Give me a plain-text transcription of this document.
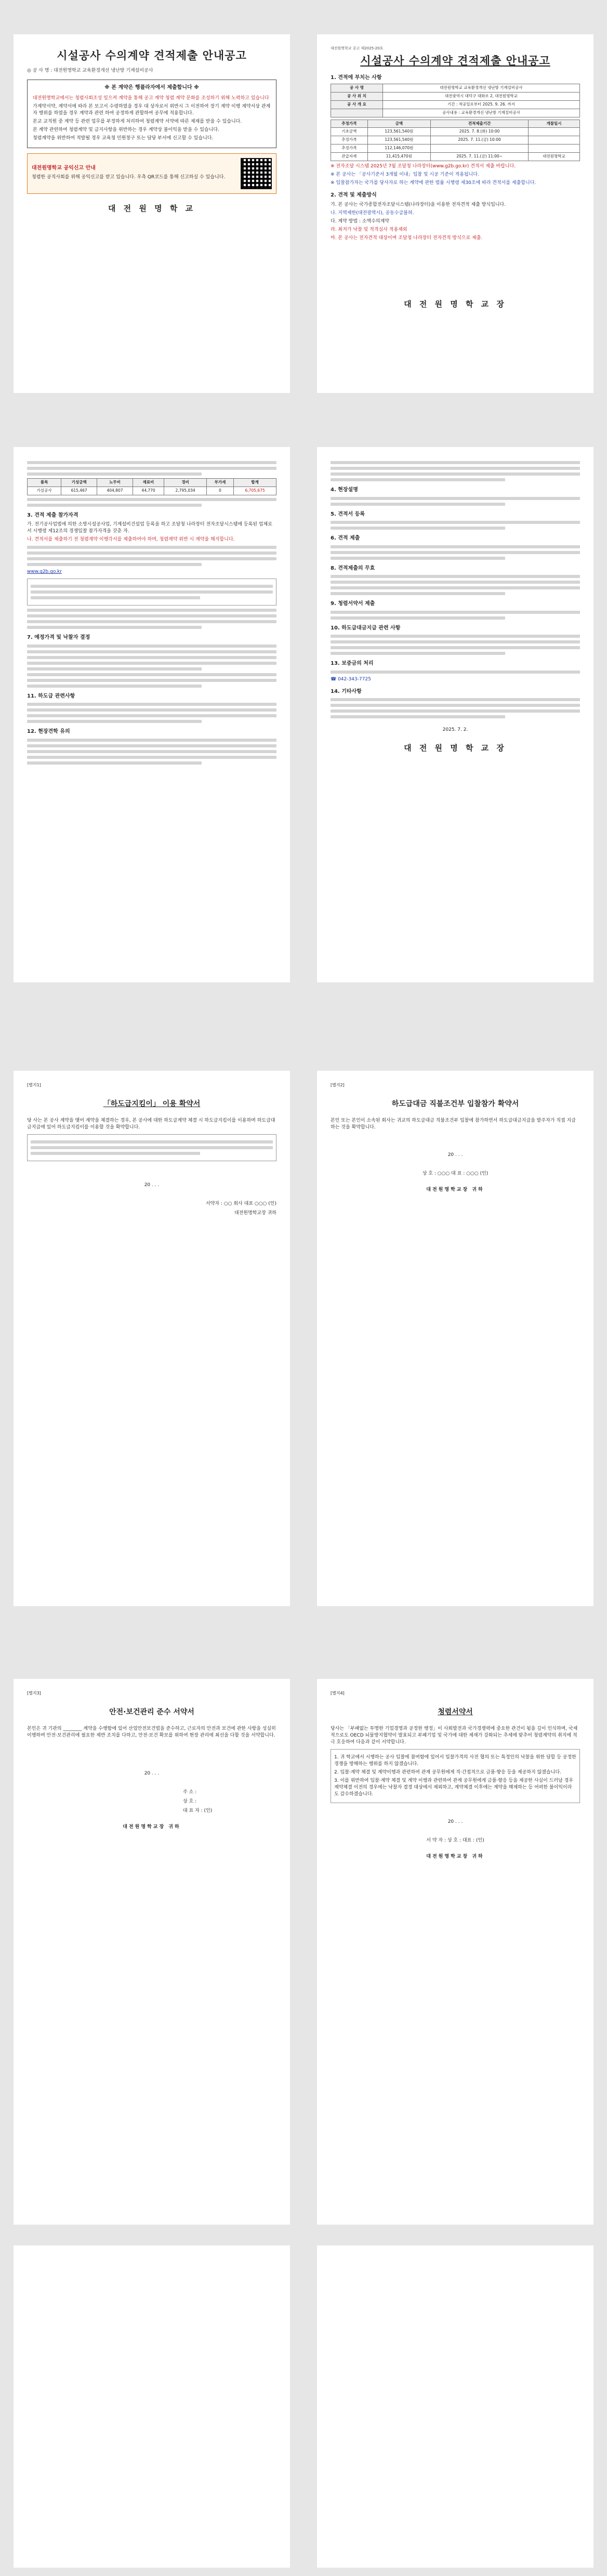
시설공사 수의계약 견적제출 안내공고
◎ 공 사 명 : 대전원명학교 교육환경개선 냉난방 기계설비공사
※ 본 계약은 행플라자에서 제출합니다 ※

대전원명학교에서는 청렴사회조성 일으켜 계약을 통해 공고 계약 청렴 계약 문화를 조성하기 위해 노력하고 있습니다

가계약서약, 계약서에 따라 본 보고서 수령하였을 경우 대 상자로서 위반시 그 이전하여 장기 계약 이행 계약서상 관계자 행위를 하였을 경우 계약과 관련 하여 공정하게 관할하여 공무에 적용합니다.

본교 교직원 중 계약 등 관련 업무를 부정하게 처리하여 청렴계약 서약에 따른 제재를 받을 수 있습니다.

본 계약 관련하여 청렴계약 및 금지사항을 위반하는 경우 계약상 불이익을 받을 수 있습니다.

청렴계약을 위반하여 적발될 경우 교육청 민원창구 또는 담당 부서에 신고할 수 있습니다.

대전원명학교 공익신고 안내

청렴한 공직사회를 위해 공익신고를 받고 있습니다. 우측 QR코드를 통해 신고하실 수 있습니다.

대 전 원 명 학 교
대전원명학교 공고 제2025-20호
시설공사 수의계약 견적제출 안내공고
1. 견적에 부치는 사항
공 사 명	대전원명학교 교육환경개선 냉난방 기계설비공사
공 사 위 치	대전광역시 대덕구 대화로 2, 대전원명학교
공 사 개 요	기간 : 착공일로부터 2025. 9. 26. 까지
	공사내용 : 교육환경개선 냉난방 기계설비공사
추정가격	금액	견적제출기간	개찰일시
기초금액	123,561,540원	2025. 7. 8.(화) 10:00	
추정가격	123,561,540원	2025. 7. 11.(금) 10:00	
추정가격	112,146,070원		
관급자재	11,415,470원	2025. 7. 11.(금) 11:00~	대전원명학교

※ 전자조달 시스템 2025년 7월 조달청 나라장터(www.g2b.go.kr) 견적서 제출 바랍니다.

※ 본 공사는 「공사기준서 3개월 이내」입찰 및 시공 기준이 적용됩니다.

※ 입찰참가자는 국가를 당사자로 하는 계약에 관한 법률 시행령 제30조에 따라 견적서를 제출합니다.

2. 견적 및 제출방식

가. 본 공사는 국가종합전자조달시스템(나라장터)을 이용한 전자견적 제출 방식입니다.

나. 지역제한(대전광역시), 공동수급불허.

다. 계약 방법 : 소액수의계약

라. 최저가 낙찰 및 적격심사 적용제외

마. 본 공사는 전자견적 대상이며 조달청 나라장터 전자견적 방식으로 제출.

대 전 원 명 학 교 장
품목	기성금액	노무비	재료비	경비	부가세	합계
가설공사	615,467	404,807	44,770	2,795,034	0	6,705,675
3. 견적 제출 참가자격

가. 전기공사업법에 의한 소방시설공사업, 기계설비건설업 등록을 하고 조달청 나라장터 전자조달시스템에 등록된 업체로서 시행령 제12조의 경쟁입찰 참가자격을 갖춘 자.

나. 견적서를 제출하기 전 청렴계약 이행각서를 제출하여야 하며, 청렴계약 위반 시 계약을 해지합니다.

www.g2b.go.kr

7. 예정가격 및 낙찰자 결정
11. 하도급 관련사항
12. 현장견학 유의
4. 현장설명
5. 견적서 등록
6. 견적 제출
8. 견적제출의 무효
9. 청렴서약서 제출
10. 하도급대금지급 관련 사항
13. 보증금의 처리

☎ 042-343-7725

14. 기타사항

2025. 7. 2.

대 전 원 명 학 교 장
[별지1]
「하도급지킴이」 이용 확약서

당 사는 본 공사 계약을 맺어 계약을 체결하는 경우, 본 공사에 대한 하도급계약 체결 시 하도급지킴이를 이용하며 하도급대금지급에 있어 하도급지킴이를 이용할 것을 확약합니다.

20 . . .

서약자 : ○○ 회사 대표 ○○○ (인)

대전원명학교장 귀하

[별지2]
하도급대금 직불조건부 입찰참가 확약서

본인 또는 본인이 소속된 회사는 귀교의 하도급대금 직불조건부 입찰에 참가하면서 하도급대금지급을 발주자가 직접 지급하는 것을 확약합니다.

20 . . .

상 호 : ○○○ 대 표 : ○○○ (인)

대전원명학교장 귀하

[별지3]
안전·보건관리 준수 서약서

본인은 귀 기관의 ________ 계약을 수행함에 있어 산업안전보건법을 준수하고, 근로자의 안전과 보건에 관한 사항을 성실히 이행하며 안전·보건관리에 필요한 제반 조치를 다하고, 안전·보건 확보를 위하여 현장 관리에 최선을 다할 것을 서약합니다.

20 . . .

주 소 :
상 호 :
대 표 자 : (인)

대전원명학교장 귀하

[별지4]
청렴서약서

당사는 「부패없는 투명한 기업경영과 공정한 행정」이 사회발전과 국가경쟁력에 중요한 관건이 됨을 깊이 인식하며, 국제적으로도 OECD 뇌물방지협약이 발효되고 부패기업 및 국가에 대한 제재가 강화되는 추세에 맞추어 청렴계약의 취지에 적극 호응하여 다음과 같이 서약합니다.

1. 귀 학교에서 시행하는 공사 입찰에 참여함에 있어서 입찰가격의 사전 협의 또는 특정인의 낙찰을 위한 담합 등 공정한 경쟁을 방해하는 행위를 하지 않겠습니다.

2. 입찰·계약 체결 및 계약이행과 관련하여 관계 공무원에게 직·간접적으로 금품·향응 등을 제공하지 않겠습니다.

3. 이를 위반하여 입찰·계약 체결 및 계약 이행과 관련하여 관계 공무원에게 금품·향응 등을 제공한 사실이 드러날 경우 계약체결 이전의 경우에는 낙찰자 결정 대상에서 제외하고, 계약체결 이후에는 계약을 해제하는 등 어떠한 불이익이라도 감수하겠습니다.

20 . . .

서 약 자 : 상 호 : 대표 : (인)

대전원명학교장 귀하
